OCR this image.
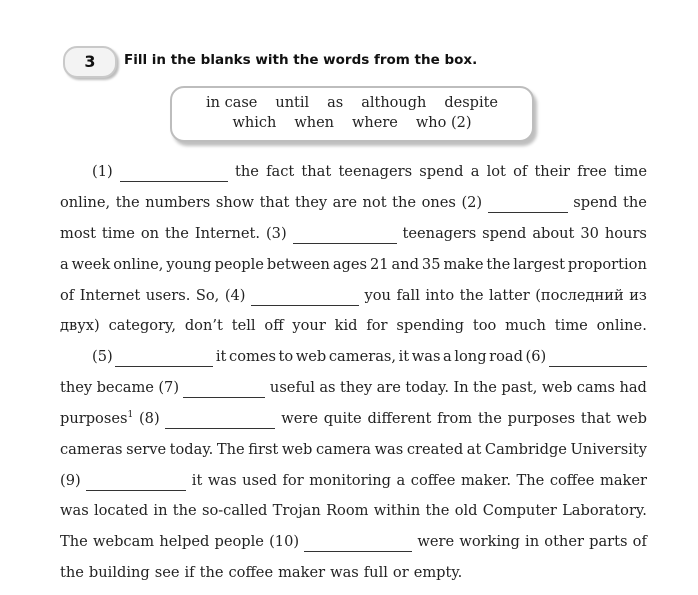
3	Fill in the blanks with the words from the box.
in case until as although despite
which when where who (2)
(1)	the fact that teenagers spend a lot of their free time
online, the numbers show that they are not the ones (2)	spend the
most time on the Internet. (3)	teenagers spend about 30 hours
a week online, young people between ages 21 and 35 make the largest proportion
of Internet users. So, (4)	you fall into the latter (последний из
двух) category, don’t tell off your kid for spending too much time online.
(5)	it comes to web cameras, it was a long road (6)
they became (7)	useful as they are today. In the past, web cams had
purposes$^1$ (8)	were quite different from the purposes that web
cameras serve today. The first web camera was created at Cambridge University
(9)	it was used for monitoring a coffee maker. The coffee maker
was located in the so-called Trojan Room within the old Computer Laboratory.
The webcam helped people (10)	were working in other parts of
the building see if the coffee maker was full or empty.
